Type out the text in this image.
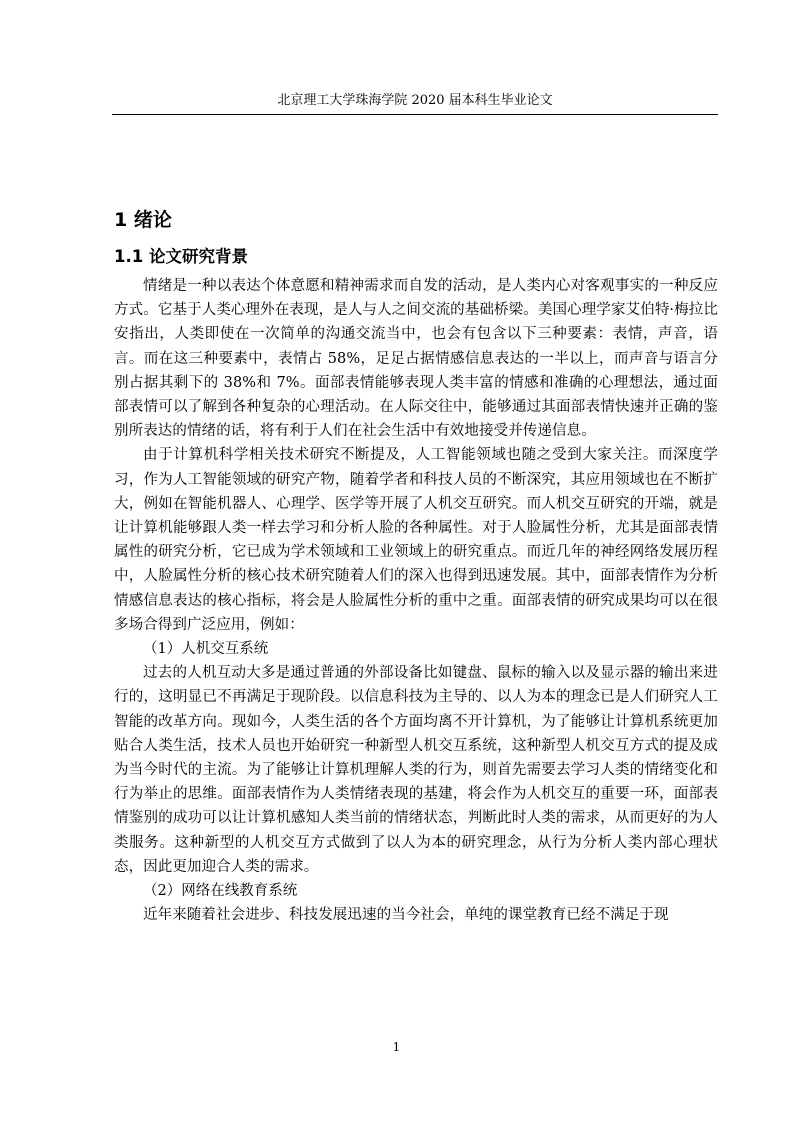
北京理工大学珠海学院 2020 届本科生毕业论文
1 绪论
1.1 论文研究背景

情绪是一种以表达个体意愿和精神需求而自发的活动，是人类内心对客观事实的一种反应方式。它基于人类心理外在表现，是人与人之间交流的基础桥梁。美国心理学家艾伯特·梅拉比安指出，人类即使在一次简单的沟通交流当中，也会有包含以下三种要素：表情，声音，语言。而在这三种要素中，表情占 58%，足足占据情感信息表达的一半以上，而声音与语言分别占据其剩下的 38%和 7%。面部表情能够表现人类丰富的情感和准确的心理想法，通过面部表情可以了解到各种复杂的心理活动。在人际交往中，能够通过其面部表情快速并正确的鉴别所表达的情绪的话，将有利于人们在社会生活中有效地接受并传递信息。

由于计算机科学相关技术研究不断提及，人工智能领域也随之受到大家关注。而深度学习，作为人工智能领域的研究产物，随着学者和科技人员的不断深究，其应用领域也在不断扩大，例如在智能机器人、心理学、医学等开展了人机交互研究。而人机交互研究的开端，就是让计算机能够跟人类一样去学习和分析人脸的各种属性。对于人脸属性分析，尤其是面部表情属性的研究分析，它已成为学术领域和工业领域上的研究重点。而近几年的神经网络发展历程中，人脸属性分析的核心技术研究随着人们的深入也得到迅速发展。其中，面部表情作为分析情感信息表达的核心指标，将会是人脸属性分析的重中之重。面部表情的研究成果均可以在很多场合得到广泛应用，例如：

（1）人机交互系统

过去的人机互动大多是通过普通的外部设备比如键盘、鼠标的输入以及显示器的输出来进行的，这明显已不再满足于现阶段。以信息科技为主导的、以人为本的理念已是人们研究人工智能的改革方向。现如今，人类生活的各个方面均离不开计算机，为了能够让计算机系统更加贴合人类生活，技术人员也开始研究一种新型人机交互系统，这种新型人机交互方式的提及成为当今时代的主流。为了能够让计算机理解人类的行为，则首先需要去学习人类的情绪变化和行为举止的思维。面部表情作为人类情绪表现的基建，将会作为人机交互的重要一环，面部表情鉴别的成功可以让计算机感知人类当前的情绪状态，判断此时人类的需求，从而更好的为人类服务。这种新型的人机交互方式做到了以人为本的研究理念，从行为分析人类内部心理状态，因此更加迎合人类的需求。

（2）网络在线教育系统

近年来随着社会进步、科技发展迅速的当今社会，单纯的课堂教育已经不满足于现

1
